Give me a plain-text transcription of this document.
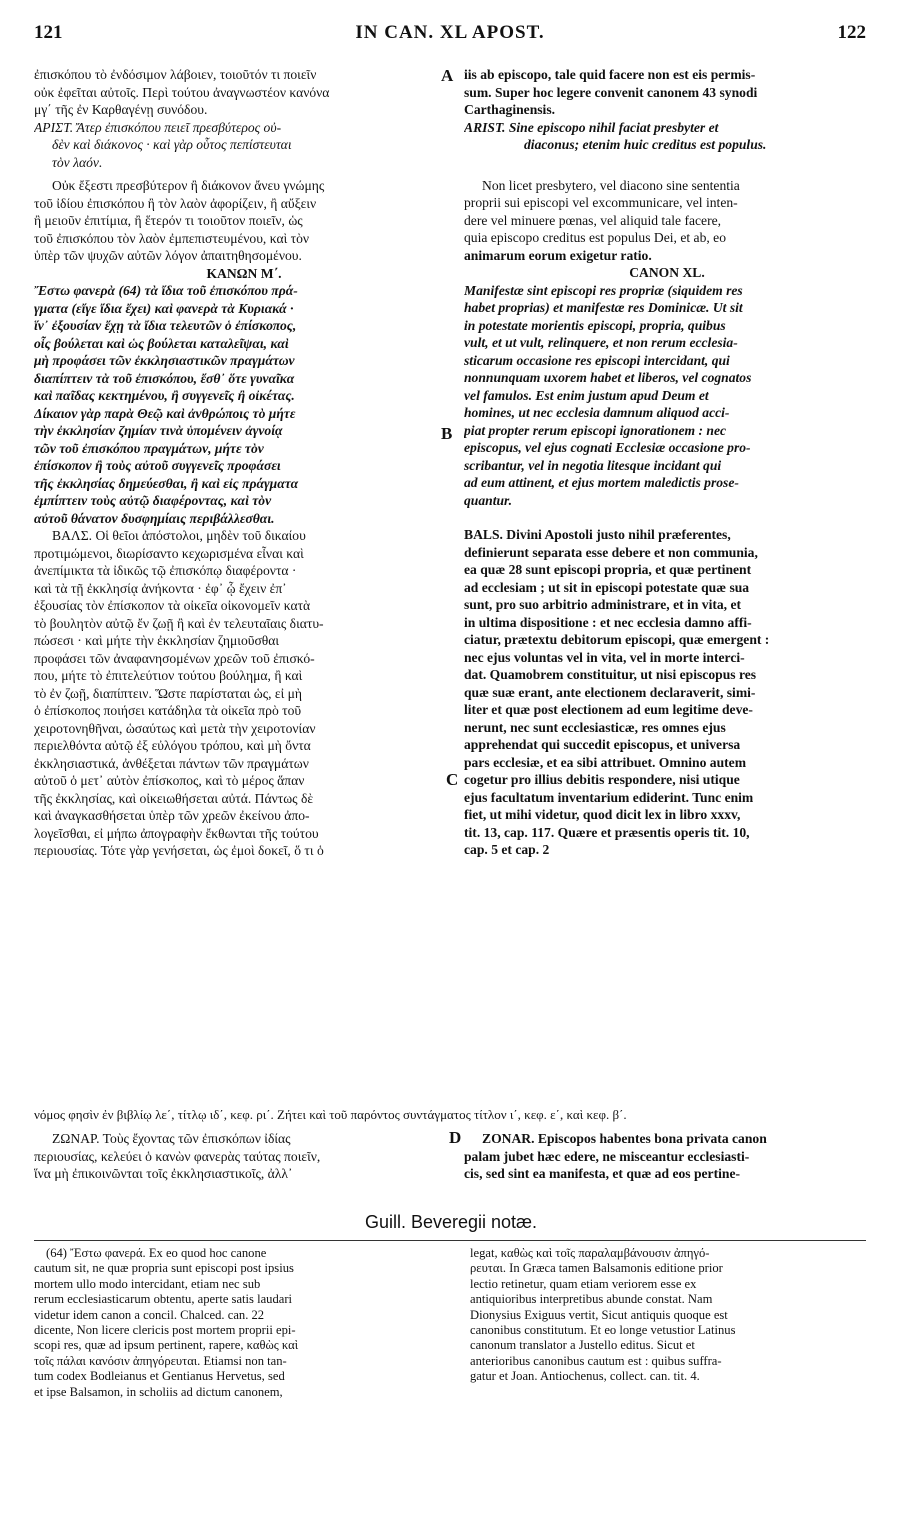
121	IN CAN. XL APOST.	122
A
B
C
D
ἐπισκόπου τὸ ἐνδόσιμον λάβοιεν, τοιοῦτόν τι ποιεῖν
οὐκ ἐφεῖται αὐτοῖς. Περὶ τούτου ἀναγνωστέον κανόνα
μγ΄ τῆς ἐν Καρθαγένῃ συνόδου.
ΑΡΙΣΤ. Ἄτερ ἐπισκόπου πειεῖ πρεσβύτερος οὐ-
δὲν καὶ διάκονος · καὶ γὰρ οὗτος πεπίστευται
τὸν λαόν.
Οὐκ ἔξεστι πρεσβύτερον ἢ διάκονον ἄνευ γνώμης
τοῦ ἰδίου ἐπισκόπου ἢ τὸν λαὸν ἀφορίζειν, ἢ αὔξειν
ἢ μειοῦν ἐπιτίμια, ἢ ἕτερόν τι τοιοῦτον ποιεῖν, ὡς
τοῦ ἐπισκόπου τὸν λαὸν ἐμπεπιστευμένου, καὶ τὸν
ὑπὲρ τῶν ψυχῶν αὐτῶν λόγον ἀπαιτηθησομένου.
ΚΑΝΩΝ Μ΄.
Ἔστω φανερὰ (64) τὰ ἴδια τοῦ ἐπισκόπου πρά-
γματα (εἴγε ἴδια ἔχει) καὶ φανερὰ τὰ Κυριακά ·
ἵν᾽ ἐξουσίαν ἔχῃ τὰ ἴδια τελευτῶν ὁ ἐπίσκοπος,
οἷς βούλεται καὶ ὡς βούλεται καταλεῖψαι, καὶ
μὴ προφάσει τῶν ἐκκλησιαστικῶν πραγμάτων
διαπίπτειν τὰ τοῦ ἐπισκόπου, ἔσθ᾽ ὅτε γυναῖκα
καὶ παῖδας κεκτημένου, ἢ συγγενεῖς ἢ οἰκέτας.
Δίκαιον γὰρ παρὰ Θεῷ καὶ ἀνθρώποις τὸ μήτε
τὴν ἐκκλησίαν ζημίαν τινὰ ὑπομένειν ἀγνοίᾳ
τῶν τοῦ ἐπισκόπου πραγμάτων, μήτε τὸν
ἐπίσκοπον ἢ τοὺς αὐτοῦ συγγενεῖς προφάσει
τῆς ἐκκλησίας δημεύεσθαι, ἢ καὶ εἰς πράγματα
ἐμπίπτειν τοὺς αὐτῷ διαφέροντας, καὶ τὸν
αὐτοῦ θάνατον δυσφημίαις περιβάλλεσθαι.
ΒΑΛΣ. Οἱ θεῖοι ἀπόστολοι, μηδὲν τοῦ δικαίου
προτιμώμενοι, διωρίσαντο κεχωρισμένα εἶναι καὶ
ἀνεπίμικτα τὰ ἰδικῶς τῷ ἐπισκόπῳ διαφέροντα ·
καὶ τὰ τῇ ἐκκλησίᾳ ἀνήκοντα · ἐφ᾽ ᾧ ἔχειν ἐπ᾽
ἐξουσίας τὸν ἐπίσκοπον τὰ οἰκεῖα οἰκονομεῖν κατὰ
τὸ βουλητὸν αὐτῷ ἔν ζωῇ ἢ καὶ ἐν τελευταῖαις διατυ-
πώσεσι · καὶ μήτε τὴν ἐκκλησίαν ζημιοῦσθαι
προφάσει τῶν ἀναφανησομένων χρεῶν τοῦ ἐπισκό-
που, μήτε τὸ ἐπιτελεύτιον τούτου βούλημα, ἢ καὶ
τὸ ἐν ζωῇ, διαπίπτειν. Ὥστε παρίσταται ὡς, εἰ μὴ
ὁ ἐπίσκοπος ποιήσει κατάδηλα τὰ οἰκεῖα πρὸ τοῦ
χειροτονηθῆναι, ὡσαύτως καὶ μετὰ τὴν χειροτονίαν
περιελθόντα αὐτῷ ἐξ εὐλόγου τρόπου, καὶ μὴ ὄντα
ἐκκλησιαστικά, ἀνθέξεται πάντων τῶν πραγμάτων
αὐτοῦ ὁ μετ᾽ αὐτὸν ἐπίσκοπος, καὶ τὸ μέρος ἅπαν
τῆς ἐκκλησίας, καὶ οἰκειωθήσεται αὐτά. Πάντως δὲ
καὶ ἀναγκασθήσεται ὑπὲρ τῶν χρεῶν ἐκείνου ἀπο-
λογεῖσθαι, εἰ μήπω ἀπογραφὴν ἔκθωνται τῆς τούτου
περιουσίας. Τότε γὰρ γενήσεται, ὡς ἐμοὶ δοκεῖ, ὅ τι ὁ
iis ab episcopo, tale quid facere non est eis permis-
sum. Super hoc legere convenit canonem 43 synodi
Carthaginensis.
ARIST. Sine episcopo nihil faciat presbyter et
diaconus; etenim huic creditus est populus.
Non licet presbytero, vel diacono sine sententia
proprii sui episcopi vel excommunicare, vel inten-
dere vel minuere pœnas, vel aliquid tale facere,
quia episcopo creditus est populus Dei, et ab, eo
animarum eorum exigetur ratio.
CANON XL.
Manifestæ sint episcopi res propriæ (siquidem res
habet proprias) et manifestæ res Dominicæ. Ut sit
in potestate morientis episcopi, propria, quibus
vult, et ut vult, relinquere, et non rerum ecclesia-
sticarum occasione res episcopi intercidant, qui
nonnunquam uxorem habet et liberos, vel cognatos
vel famulos. Est enim justum apud Deum et
homines, ut nec ecclesia damnum aliquod acci-
piat propter rerum episcopi ignorationem : nec
episcopus, vel ejus cognati Ecclesiæ occasione pro-
scribantur, vel in negotia litesque incidant qui
ad eum attinent, et ejus mortem maledictis prose-
quantur.
BALS. Divini Apostoli justo nihil præferentes,
definierunt separata esse debere et non communia,
ea quæ 28 sunt episcopi propria, et quæ pertinent
ad ecclesiam ; ut sit in episcopi potestate quæ sua
sunt, pro suo arbitrio administrare, et in vita, et
in ultima dispositione : et nec ecclesia damno affi-
ciatur, prætextu debitorum episcopi, quæ emergent :
nec ejus voluntas vel in vita, vel in morte interci-
dat. Quamobrem constituitur, ut nisi episcopus res
quæ suæ erant, ante electionem declaraverit, simi-
liter et quæ post electionem ad eum legitime deve-
nerunt, nec sunt ecclesiasticæ, res omnes ejus
apprehendat qui succedit episcopus, et universa
pars ecclesiæ, et ea sibi attribuet. Omnino autem
cogetur pro illius debitis respondere, nisi utique
ejus facultatum inventarium ediderint. Tunc enim
fiet, ut mihi videtur, quod dicit lex in libro xxxv,
tit. 13, cap. 117. Quære et præsentis operis tit. 10,
cap. 5 et cap. 2
νόμος φησὶν ἐν βιβλίῳ λε΄, τίτλῳ ιδ΄, κεφ. ρι΄. Ζήτει καὶ τοῦ παρόντος συντάγματος τίτλον ι΄, κεφ. ε΄, καὶ κεφ. β΄.
ΖΩΝΑΡ. Τοὺς ἔχοντας τῶν ἐπισκόπων ἰδίας
περιουσίας, κελεύει ὁ κανὼν φανερὰς ταύτας ποιεῖν,
ἵνα μὴ ἐπικοινῶνται τοῖς ἐκκλησιαστικοῖς, ἀλλ᾽
ZONAR. Episcopos habentes bona privata canon
palam jubet hæc edere, ne misceantur ecclesiasti-
cis, sed sint ea manifesta, et quæ ad eos pertine-
Guill. Beveregii notæ.
(64) Ἔστω φανερά. Ex eo quod hoc canone
cautum sit, ne quæ propria sunt episcopi post ipsius
mortem ullo modo intercidant, etiam nec sub
rerum ecclesiasticarum obtentu, aperte satis laudari
videtur idem canon a concil. Chalced. can. 22
dicente, Non licere clericis post mortem proprii epi-
scopi res, quæ ad ipsum pertinent, rapere, καθὼς καὶ
τοῖς πάλαι κανόσιν ἀπηγόρευται. Etiamsi non tan-
tum codex Bodleianus et Gentianus Hervetus, sed
et ipse Balsamon, in scholiis ad dictum canonem,
legat, καθὼς καὶ τοῖς παραλαμβάνουσιν ἀπηγό-
ρευται. In Græca tamen Balsamonis editione prior
lectio retinetur, quam etiam veriorem esse ex
antiquioribus interpretibus abunde constat. Nam
Dionysius Exiguus vertit, Sicut antiquis quoque est
canonibus constitutum. Et eo longe vetustior Latinus
canonum translator a Justello editus. Sicut et
anterioribus canonibus cautum est : quibus suffra-
gatur et Joan. Antiochenus, collect. can. tit. 4.
